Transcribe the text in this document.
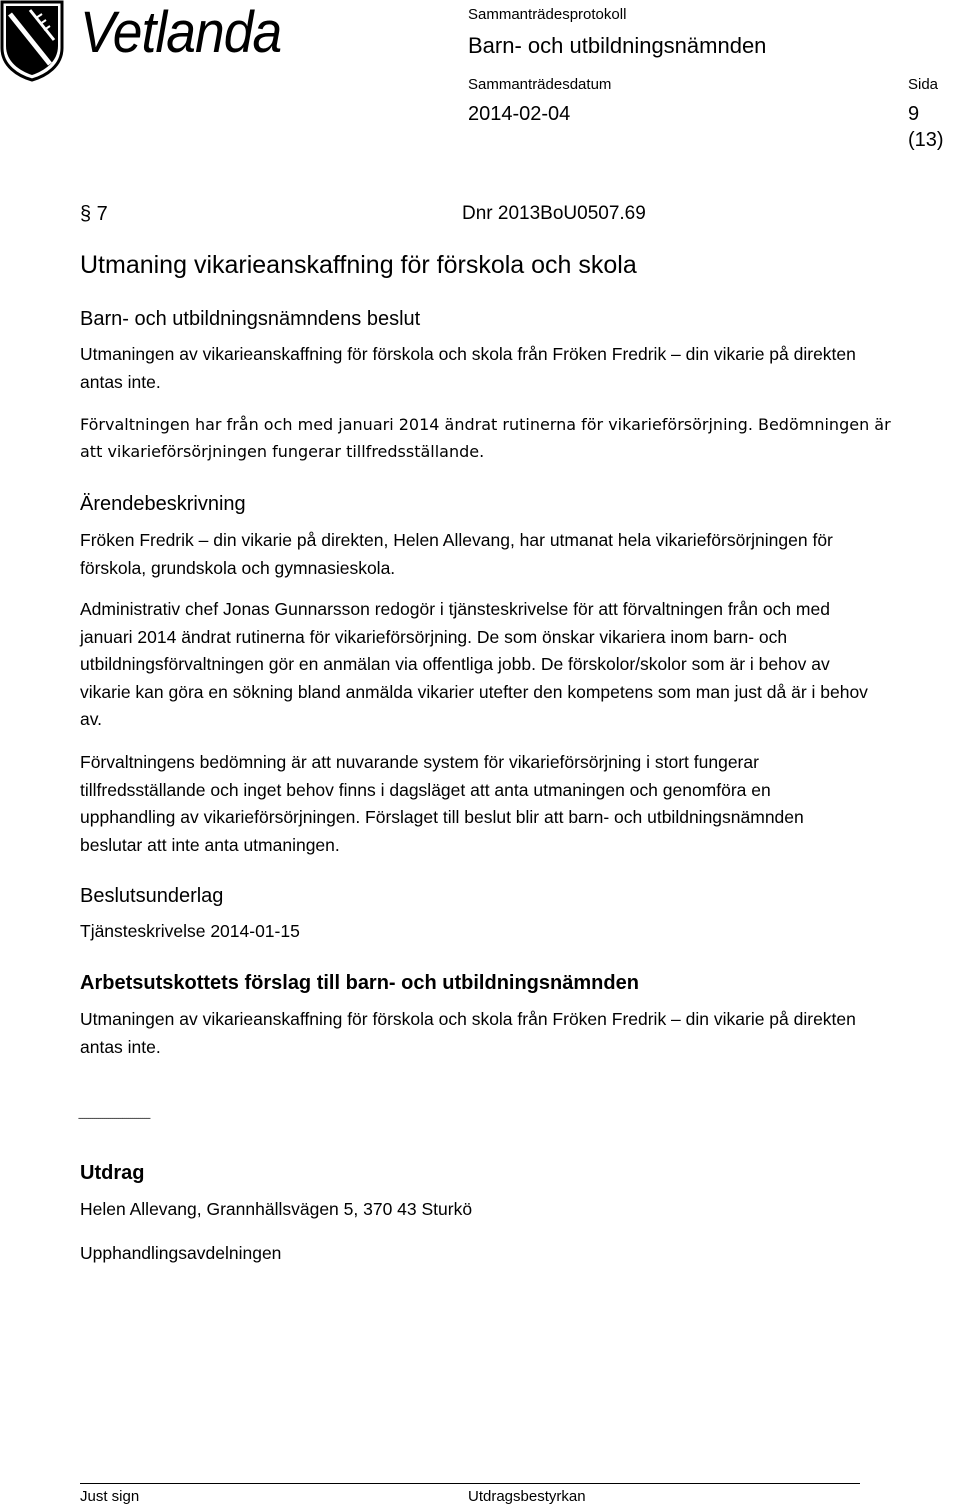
Vetlanda	Sammanträdesprotokoll
Barn- och utbildningsnämnden
Sammanträdesdatum
2014-02-04
Sida
9 (13)
§ 7	Dnr 2013BoU0507.69
Utmaning vikarieanskaffning för förskola och skola
Barn- och utbildningsnämndens beslut
Utmaningen av vikarieanskaffning för förskola och skola från Fröken Fredrik – din vikarie på direkten antas inte.
Förvaltningen har från och med januari 2014 ändrat rutinerna för vikarieförsörjning. Bedömningen är att vikarieförsörjningen fungerar tillfredsställande.
Ärendebeskrivning
Fröken Fredrik – din vikarie på direkten, Helen Allevang, har utmanat hela vikarieförsörjningen för förskola, grundskola och gymnasieskola.
Administrativ chef Jonas Gunnarsson redogör i tjänsteskrivelse för att förvaltningen från och med januari 2014 ändrat rutinerna för vikarieförsörjning. De som önskar vikariera inom barn- och utbildningsförvaltningen gör en anmälan via offentliga jobb. De förskolor/skolor som är i behov av vikarie kan göra en sökning bland anmälda vikarier utefter den kompetens som man just då är i behov av.
Förvaltningens bedömning är att nuvarande system för vikarieförsörjning i stort fungerar tillfredsställande och inget behov finns i dagsläget att anta utmaningen och genomföra en upphandling av vikarieförsörjningen. Förslaget till beslut blir att barn- och utbildningsnämnden beslutar att inte anta utmaningen.
Beslutsunderlag
Tjänsteskrivelse 2014-01-15
Arbetsutskottets förslag till barn- och utbildningsnämnden
Utmaningen av vikarieanskaffning för förskola och skola från Fröken Fredrik – din vikarie på direkten antas inte.
------------------------------------
Utdrag
Helen Allevang, Grannhällsvägen 5, 370 43 Sturkö
Upphandlingsavdelningen
Just sign	Utdragsbestyrkan
